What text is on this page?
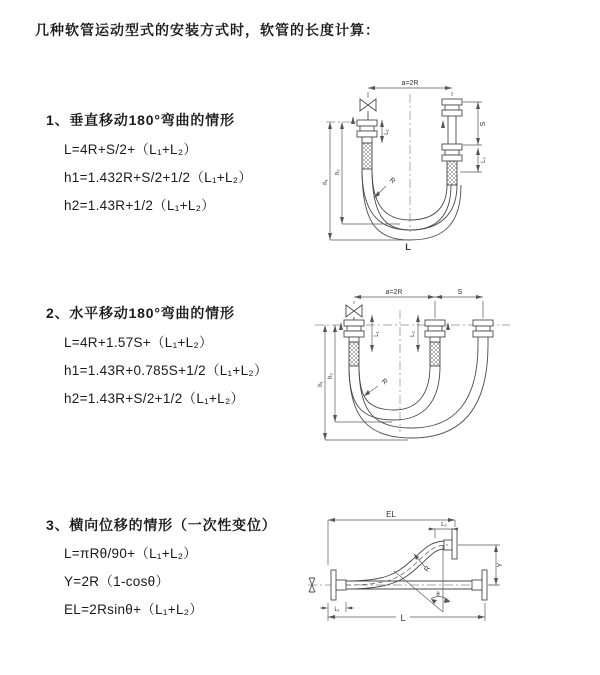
几种软管运动型式的安装方式时，软管的长度计算：
1、垂直移动180°弯曲的情形
L=4R+S/2+（L₁+L₂）
h1=1.432R+S/2+1/2（L₁+L₂）
h2=1.43R+1/2（L₁+L₂）
a=2R
S
L₂
L₁
h₁
h₂
R
L
2、水平移动180°弯曲的情形
L=4R+1.57S+（L₁+L₂）
h1=1.43R+0.785S+1/2（L₁+L₂）
h2=1.43R+S/2+1/2（L₁+L₂）
a=2R	S
L₁	L₂
h₁
h₂
R
3、横向位移的情形（一次性变位）
L=πRθ/90+（L₁+L₂）
Y=2R（1-cosθ）
EL=2Rsinθ+（L₁+L₂）
θ
EL
L₂
Y
L
L₁
R
